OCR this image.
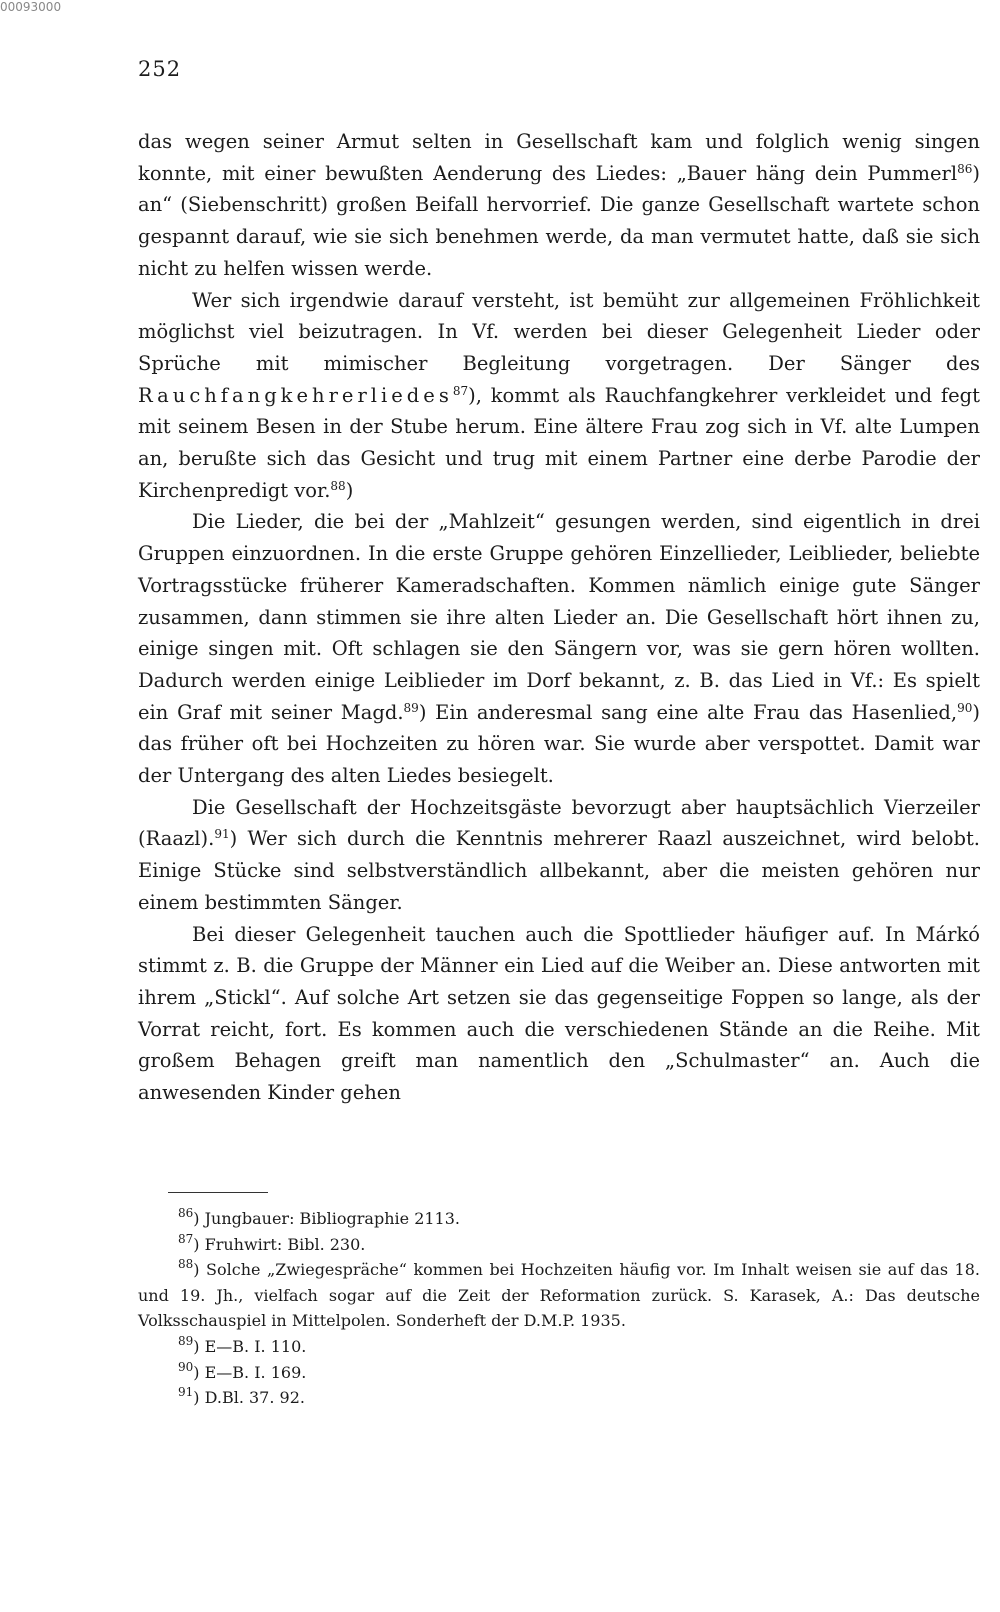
00093000
252

das wegen seiner Armut selten in Gesellschaft kam und folglich wenig singen konnte, mit einer bewußten Aenderung des Liedes: „Bauer häng dein Pummerl$^{86}$) an“ (Siebenschritt) großen Beifall hervorrief. Die ganze Gesellschaft wartete schon gespannt darauf, wie sie sich benehmen werde, da man vermutet hatte, daß sie sich nicht zu helfen wissen werde.

Wer sich irgendwie darauf versteht, ist bemüht zur allgemeinen Fröhlichkeit möglichst viel beizutragen. In Vf. werden bei dieser Gelegenheit Lieder oder Sprüche mit mimischer Begleitung vorgetragen. Der Sänger des Rauchfangkehrerliedes$^{87}$), kommt als Rauchfangkehrer verkleidet und fegt mit seinem Besen in der Stube herum. Eine ältere Frau zog sich in Vf. alte Lumpen an, berußte sich das Gesicht und trug mit einem Partner eine derbe Parodie der Kirchenpredigt vor.$^{88}$)

Die Lieder, die bei der „Mahlzeit“ gesungen werden, sind eigentlich in drei Gruppen einzuordnen. In die erste Gruppe gehören Einzellieder, Leiblieder, beliebte Vortragsstücke früherer Kameradschaften. Kommen nämlich einige gute Sänger zusammen, dann stimmen sie ihre alten Lieder an. Die Gesellschaft hört ihnen zu, einige singen mit. Oft schlagen sie den Sängern vor, was sie gern hören wollten. Dadurch werden einige Leiblieder im Dorf bekannt, z. B. das Lied in Vf.: Es spielt ein Graf mit seiner Magd.$^{89}$) Ein anderesmal sang eine alte Frau das Hasenlied,$^{90}$) das früher oft bei Hochzeiten zu hören war. Sie wurde aber verspottet. Damit war der Untergang des alten Liedes besiegelt.

Die Gesellschaft der Hochzeitsgäste bevorzugt aber hauptsächlich Vierzeiler (Raazl).$^{91}$) Wer sich durch die Kenntnis mehrerer Raazl auszeichnet, wird belobt. Einige Stücke sind selbstverständlich allbekannt, aber die meisten gehören nur einem bestimmten Sänger.

Bei dieser Gelegenheit tauchen auch die Spottlieder häufiger auf. In Márkó stimmt z. B. die Gruppe der Männer ein Lied auf die Weiber an. Diese antworten mit ihrem „Stickl“. Auf solche Art setzen sie das gegenseitige Foppen so lange, als der Vorrat reicht, fort. Es kommen auch die verschiedenen Stände an die Reihe. Mit großem Behagen greift man namentlich den „Schulmaster“ an. Auch die anwesenden Kinder gehen

$^{86}$) Jungbauer: Bibliographie 2113.
$^{87}$) Fruhwirt: Bibl. 230.
$^{88}$) Solche „Zwiegespräche“ kommen bei Hochzeiten häufig vor. Im Inhalt weisen sie auf das 18. und 19. Jh., vielfach sogar auf die Zeit der Reformation zurück. S. Karasek, A.: Das deutsche Volksschauspiel in Mittelpolen. Sonderheft der D.M.P. 1935.
$^{89}$) E—B. I. 110.
$^{90}$) E—B. I. 169.
$^{91}$) D.Bl. 37. 92.
